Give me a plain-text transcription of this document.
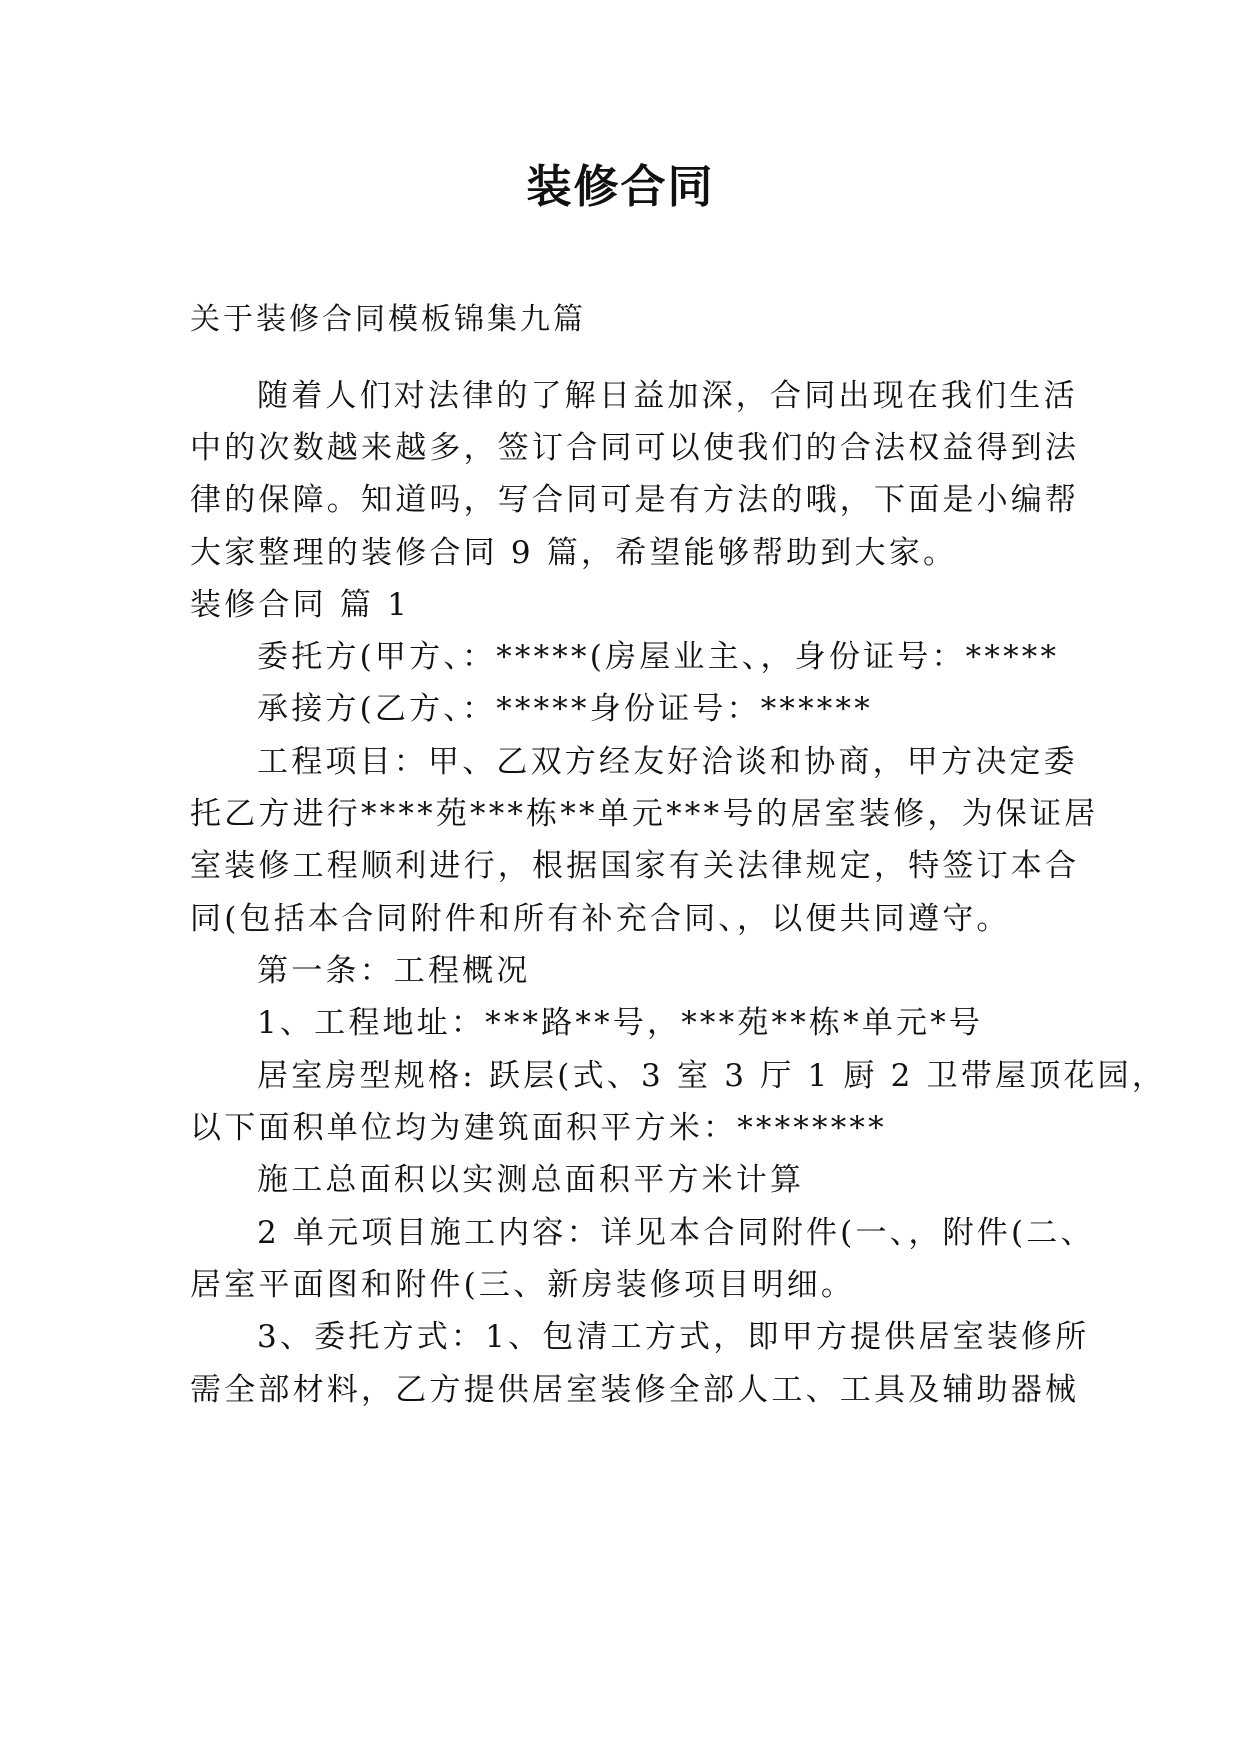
装修合同
关于装修合同模板锦集九篇
随着人们对法律的了解日益加深，合同出现在我们生活
中的次数越来越多，签订合同可以使我们的合法权益得到法
律的保障。知道吗，写合同可是有方法的哦，下面是小编帮
大家整理的装修合同 9 篇，希望能够帮助到大家。
装修合同 篇 1
委托方(甲方、：*****(房屋业主、，身份证号：*****
承接方(乙方、：*****身份证号：******
工程项目：甲、乙双方经友好洽谈和协商，甲方决定委
托乙方进行****苑***栋**单元***号的居室装修，为保证居
室装修工程顺利进行，根据国家有关法律规定，特签订本合
同(包括本合同附件和所有补充合同、，以便共同遵守。
第一条：工程概况
1、工程地址：***路**号，***苑**栋*单元*号
居室房型规格: 跃层(式、3 室 3 厅 1 厨 2 卫带屋顶花园，
以下面积单位均为建筑面积平方米：********
施工总面积以实测总面积平方米计算
2 单元项目施工内容：详见本合同附件(一、，附件(二、
居室平面图和附件(三、新房装修项目明细。
3、委托方式：1、包清工方式，即甲方提供居室装修所
需全部材料，乙方提供居室装修全部人工、工具及辅助器械
